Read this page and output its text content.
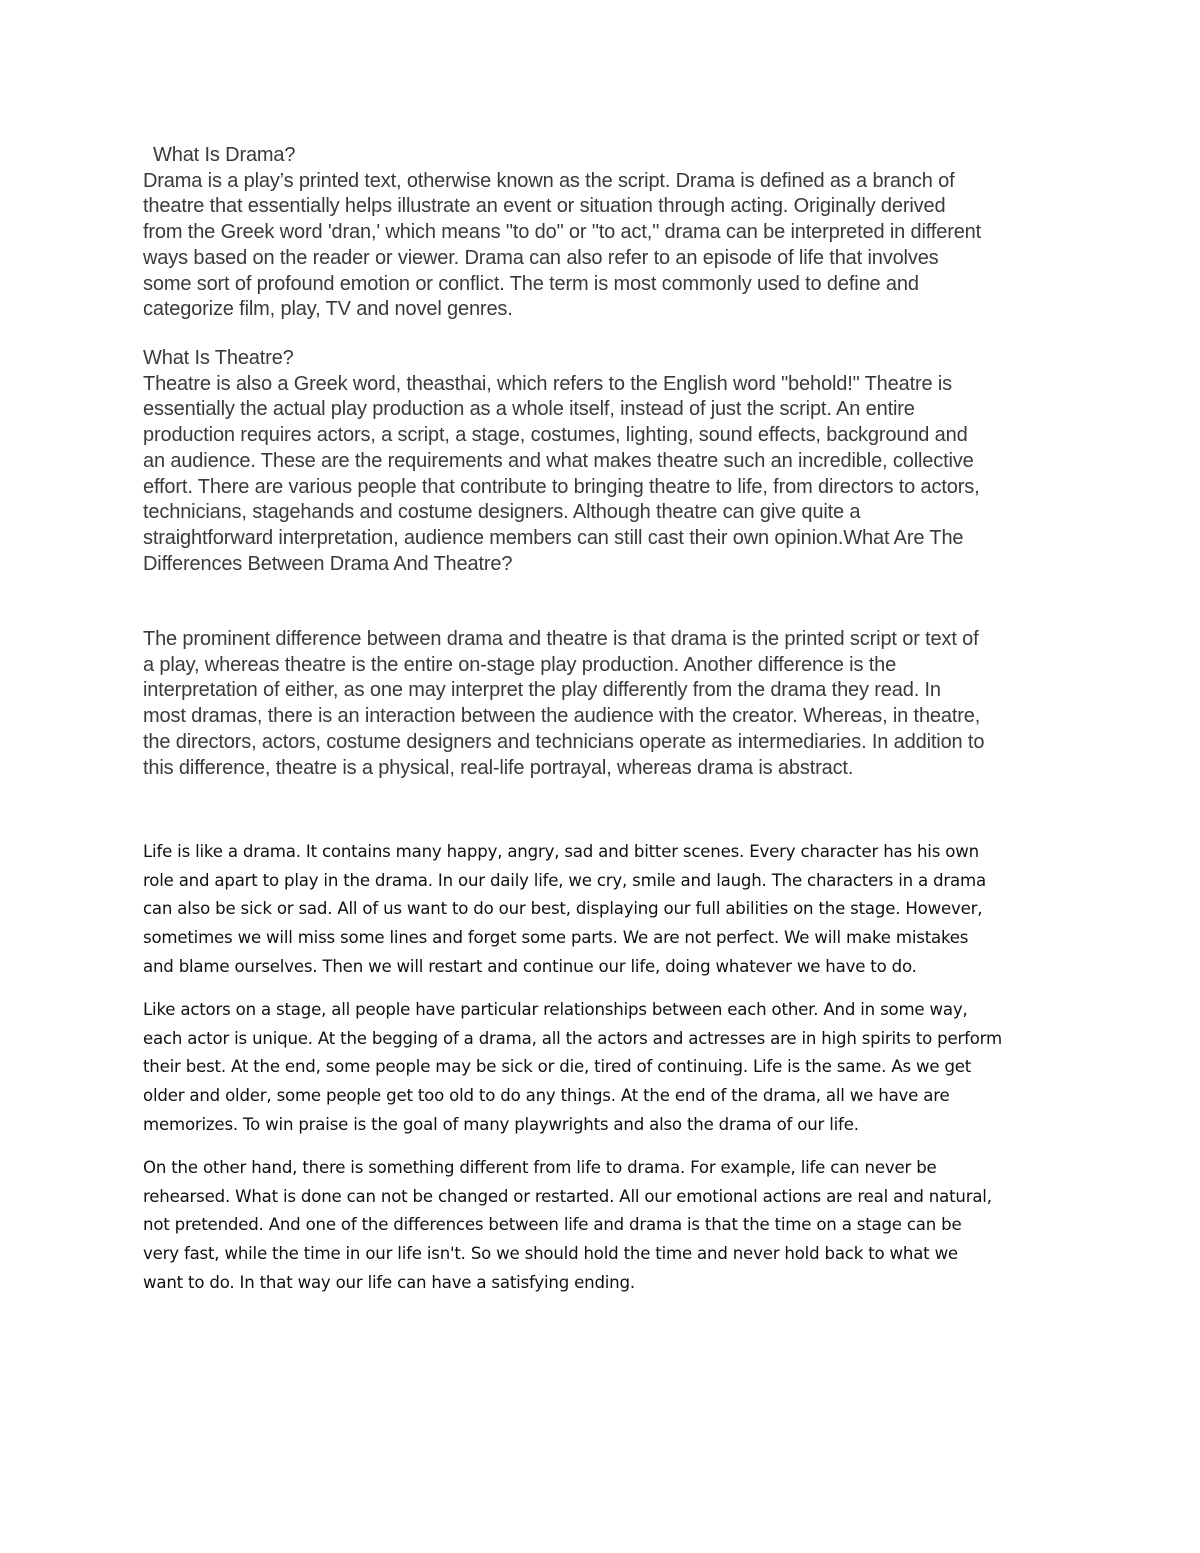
What Is Drama?
Drama is a play’s printed text, otherwise known as the script. Drama is defined as a branch of
theatre that essentially helps illustrate an event or situation through acting. Originally derived
from the Greek word 'dran,' which means "to do" or "to act," drama can be interpreted in different
ways based on the reader or viewer. Drama can also refer to an episode of life that involves
some sort of profound emotion or conflict. The term is most commonly used to define and
categorize film, play, TV and novel genres.
What Is Theatre?
Theatre is also a Greek word, theasthai, which refers to the English word "behold!" Theatre is
essentially the actual play production as a whole itself, instead of just the script. An entire
production requires actors, a script, a stage, costumes, lighting, sound effects, background and
an audience. These are the requirements and what makes theatre such an incredible, collective
effort. There are various people that contribute to bringing theatre to life, from directors to actors,
technicians, stagehands and costume designers. Although theatre can give quite a
straightforward interpretation, audience members can still cast their own opinion.What Are The
Differences Between Drama And Theatre?
The prominent difference between drama and theatre is that drama is the printed script or text of
a play, whereas theatre is the entire on-stage play production. Another difference is the
interpretation of either, as one may interpret the play differently from the drama they read. In
most dramas, there is an interaction between the audience with the creator. Whereas, in theatre,
the directors, actors, costume designers and technicians operate as intermediaries. In addition to
this difference, theatre is a physical, real-life portrayal, whereas drama is abstract.
Life is like a drama. It contains many happy, angry, sad and bitter scenes. Every character has his own
role and apart to play in the drama. In our daily life, we cry, smile and laugh. The characters in a drama
can also be sick or sad. All of us want to do our best, displaying our full abilities on the stage. However,
sometimes we will miss some lines and forget some parts. We are not perfect. We will make mistakes
and blame ourselves. Then we will restart and continue our life, doing whatever we have to do.
Like actors on a stage, all people have particular relationships between each other. And in some way,
each actor is unique. At the begging of a drama, all the actors and actresses are in high spirits to perform
their best. At the end, some people may be sick or die, tired of continuing. Life is the same. As we get
older and older, some people get too old to do any things. At the end of the drama, all we have are
memorizes. To win praise is the goal of many playwrights and also the drama of our life.
On the other hand, there is something different from life to drama. For example, life can never be
rehearsed. What is done can not be changed or restarted. All our emotional actions are real and natural,
not pretended. And one of the differences between life and drama is that the time on a stage can be
very fast, while the time in our life isn't. So we should hold the time and never hold back to what we
want to do. In that way our life can have a satisfying ending.
